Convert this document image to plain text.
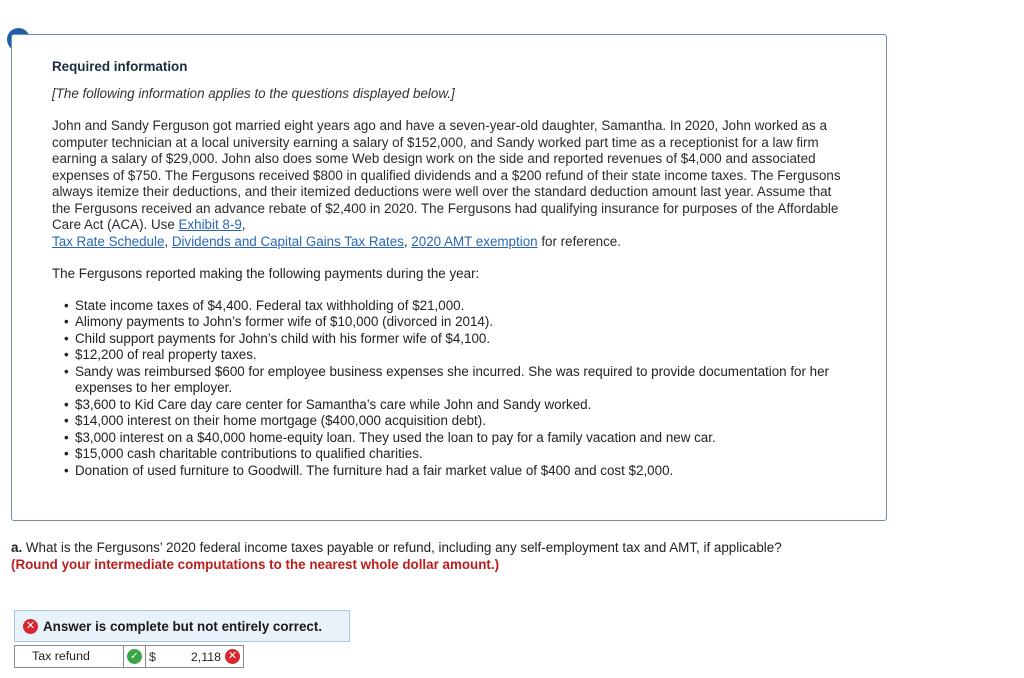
Required information
[The following information applies to the questions displayed below.]

John and Sandy Ferguson got married eight years ago and have a seven-year-old daughter, Samantha. In 2020, John worked as a computer technician at a local university earning a salary of $152,000, and Sandy worked part time as a receptionist for a law firm earning a salary of $29,000. John also does some Web design work on the side and reported revenues of $4,000 and associated expenses of $750. The Fergusons received $800 in qualified dividends and a $200 refund of their state income taxes. The Fergusons always itemize their deductions, and their itemized deductions were well over the standard deduction amount last year. Assume that the Fergusons received an advance rebate of $2,400 in 2020. The Fergusons had qualifying insurance for purposes of the Affordable Care Act (ACA). Use Exhibit 8-9,
Tax Rate Schedule, Dividends and Capital Gains Tax Rates, 2020 AMT exemption for reference.

The Fergusons reported making the following payments during the year:

• State income taxes of $4,400. Federal tax withholding of $21,000.
• Alimony payments to John’s former wife of $10,000 (divorced in 2014).
• Child support payments for John’s child with his former wife of $4,100.
• $12,200 of real property taxes.
• Sandy was reimbursed $600 for employee business expenses she incurred. She was required to provide documentation for her expenses to her employer.
• $3,600 to Kid Care day care center for Samantha’s care while John and Sandy worked.
• $14,000 interest on their home mortgage ($400,000 acquisition debt).
• $3,000 interest on a $40,000 home-equity loan. They used the loan to pay for a family vacation and new car.
• $15,000 cash charitable contributions to qualified charities.
• Donation of used furniture to Goodwill. The furniture had a fair market value of $400 and cost $2,000.
a. What is the Fergusons’ 2020 federal income taxes payable or refund, including any self-employment tax and AMT, if applicable?
(Round your intermediate computations to the nearest whole dollar amount.)
✕ Answer is complete but not entirely correct.
Tax refund	✓ $	2,118 ✕
